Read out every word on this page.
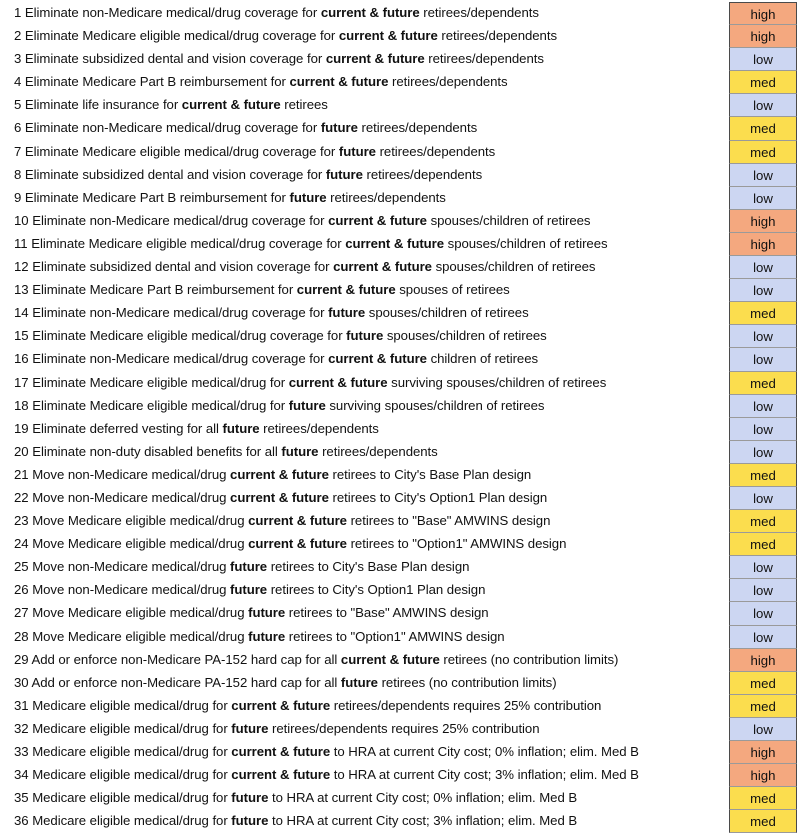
1 Eliminate non-Medicare medical/drug coverage for current & future retirees/dependents	high
2 Eliminate Medicare eligible medical/drug coverage for current & future retirees/dependents	high
3 Eliminate subsidized dental and vision coverage for current & future retirees/dependents	low
4 Eliminate Medicare Part B reimbursement for current & future retirees/dependents	med
5 Eliminate life insurance for current & future retirees	low
6 Eliminate non-Medicare medical/drug coverage for future retirees/dependents	med
7 Eliminate Medicare eligible medical/drug coverage for future retirees/dependents	med
8 Eliminate subsidized dental and vision coverage for future retirees/dependents	low
9 Eliminate Medicare Part B reimbursement for future retirees/dependents	low
10 Eliminate non-Medicare medical/drug coverage for current & future spouses/children of retirees	high
11 Eliminate Medicare eligible medical/drug coverage for current & future spouses/children of retirees	high
12 Eliminate subsidized dental and vision coverage for current & future spouses/children of retirees	low
13 Eliminate Medicare Part B reimbursement for current & future spouses of retirees	low
14 Eliminate non-Medicare medical/drug coverage for future spouses/children of retirees	med
15 Eliminate Medicare eligible medical/drug coverage for future spouses/children of retirees	low
16 Eliminate non-Medicare medical/drug coverage for current & future children of retirees	low
17 Eliminate Medicare eligible medical/drug for current & future surviving spouses/children of retirees	med
18 Eliminate Medicare eligible medical/drug for future surviving spouses/children of retirees	low
19 Eliminate deferred vesting for all future retirees/dependents	low
20 Eliminate non-duty disabled benefits for all future retirees/dependents	low
21 Move non-Medicare medical/drug current & future retirees to City's Base Plan design	med
22 Move non-Medicare medical/drug current & future retirees to City's Option1 Plan design	low
23 Move Medicare eligible medical/drug current & future retirees to "Base" AMWINS design	med
24 Move Medicare eligible medical/drug current & future retirees to "Option1" AMWINS design	med
25 Move non-Medicare medical/drug future retirees to City's Base Plan design	low
26 Move non-Medicare medical/drug future retirees to City's Option1 Plan design	low
27 Move Medicare eligible medical/drug future retirees to "Base" AMWINS design	low
28 Move Medicare eligible medical/drug future retirees to "Option1" AMWINS design	low
29 Add or enforce non-Medicare PA-152 hard cap for all current & future retirees (no contribution limits)	high
30 Add or enforce non-Medicare PA-152 hard cap for all future retirees (no contribution limits)	med
31 Medicare eligible medical/drug for current & future retirees/dependents requires 25% contribution	med
32 Medicare eligible medical/drug for future retirees/dependents requires 25% contribution	low
33 Medicare eligible medical/drug for current & future to HRA at current City cost; 0% inflation; elim. Med B	high
34 Medicare eligible medical/drug for current & future to HRA at current City cost; 3% inflation; elim. Med B	high
35 Medicare eligible medical/drug for future to HRA at current City cost; 0% inflation; elim. Med B	med
36 Medicare eligible medical/drug for future to HRA at current City cost; 3% inflation; elim. Med B	med
